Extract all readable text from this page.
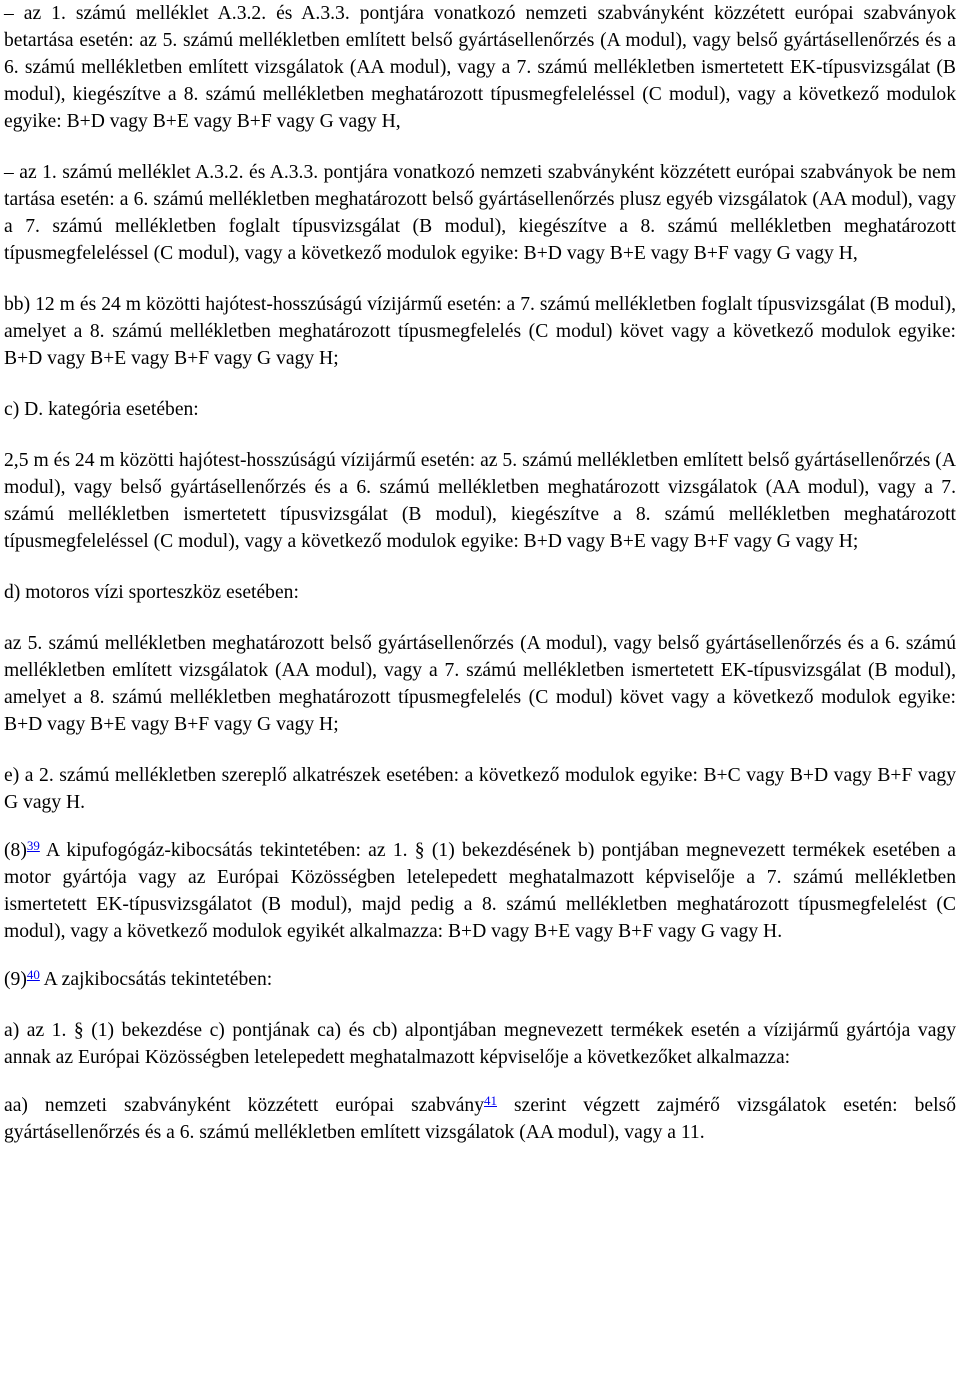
– az 1. számú melléklet A.3.2. és A.3.3. pontjára vonatkozó nemzeti szabványként közzétett európai szabványok betartása esetén: az 5. számú mellékletben említett belső gyártásellenőrzés (A modul), vagy belső gyártásellenőrzés és a 6. számú mellékletben említett vizsgálatok (AA modul), vagy a 7. számú mellékletben ismertetett EK-típusvizsgálat (B modul), kiegészítve a 8. számú mellékletben meghatározott típusmegfeleléssel (C modul), vagy a következő modulok egyike: B+D vagy B+E vagy B+F vagy G vagy H,

– az 1. számú melléklet A.3.2. és A.3.3. pontjára vonatkozó nemzeti szabványként közzétett európai szabványok be nem tartása esetén: a 6. számú mellékletben meghatározott belső gyártásellenőrzés plusz egyéb vizsgálatok (AA modul), vagy a 7. számú mellékletben foglalt típusvizsgálat (B modul), kiegészítve a 8. számú mellékletben meghatározott típusmegfeleléssel (C modul), vagy a következő modulok egyike: B+D vagy B+E vagy B+F vagy G vagy H,

bb) 12 m és 24 m közötti hajótest-hosszúságú vízijármű esetén: a 7. számú mellékletben foglalt típusvizsgálat (B modul), amelyet a 8. számú mellékletben meghatározott típusmegfelelés (C modul) követ vagy a következő modulok egyike: B+D vagy B+E vagy B+F vagy G vagy H;

c) D. kategória esetében:

2,5 m és 24 m közötti hajótest-hosszúságú vízijármű esetén: az 5. számú mellékletben említett belső gyártásellenőrzés (A modul), vagy belső gyártásellenőrzés és a 6. számú mellékletben meghatározott vizsgálatok (AA modul), vagy a 7. számú mellékletben ismertetett típusvizsgálat (B modul), kiegészítve a 8. számú mellékletben meghatározott típusmegfeleléssel (C modul), vagy a következő modulok egyike: B+D vagy B+E vagy B+F vagy G vagy H;

d) motoros vízi sporteszköz esetében:

az 5. számú mellékletben meghatározott belső gyártásellenőrzés (A modul), vagy belső gyártásellenőrzés és a 6. számú mellékletben említett vizsgálatok (AA modul), vagy a 7. számú mellékletben ismertetett EK-típusvizsgálat (B modul), amelyet a 8. számú mellékletben meghatározott típusmegfelelés (C modul) követ vagy a következő modulok egyike: B+D vagy B+E vagy B+F vagy G vagy H;

e) a 2. számú mellékletben szereplő alkatrészek esetében: a következő modulok egyike: B+C vagy B+D vagy B+F vagy G vagy H.

(8)$^{39}$ A kipufogógáz-kibocsátás tekintetében: az 1. § (1) bekezdésének b) pontjában megnevezett termékek esetében a motor gyártója vagy az Európai Közösségben letelepedett meghatalmazott képviselője a 7. számú mellékletben ismertetett EK-típusvizsgálatot (B modul), majd pedig a 8. számú mellékletben meghatározott típusmegfelelést (C modul), vagy a következő modulok egyikét alkalmazza: B+D vagy B+E vagy B+F vagy G vagy H.

(9)$^{40}$ A zajkibocsátás tekintetében:

a) az 1. § (1) bekezdése c) pontjának ca) és cb) alpontjában megnevezett termékek esetén a vízijármű gyártója vagy annak az Európai Közösségben letelepedett meghatalmazott képviselője a következőket alkalmazza:

aa) nemzeti szabványként közzétett európai szabvány$^{41}$ szerint végzett zajmérő vizsgálatok esetén: belső gyártásellenőrzés és a 6. számú mellékletben említett vizsgálatok (AA modul), vagy a 11.
